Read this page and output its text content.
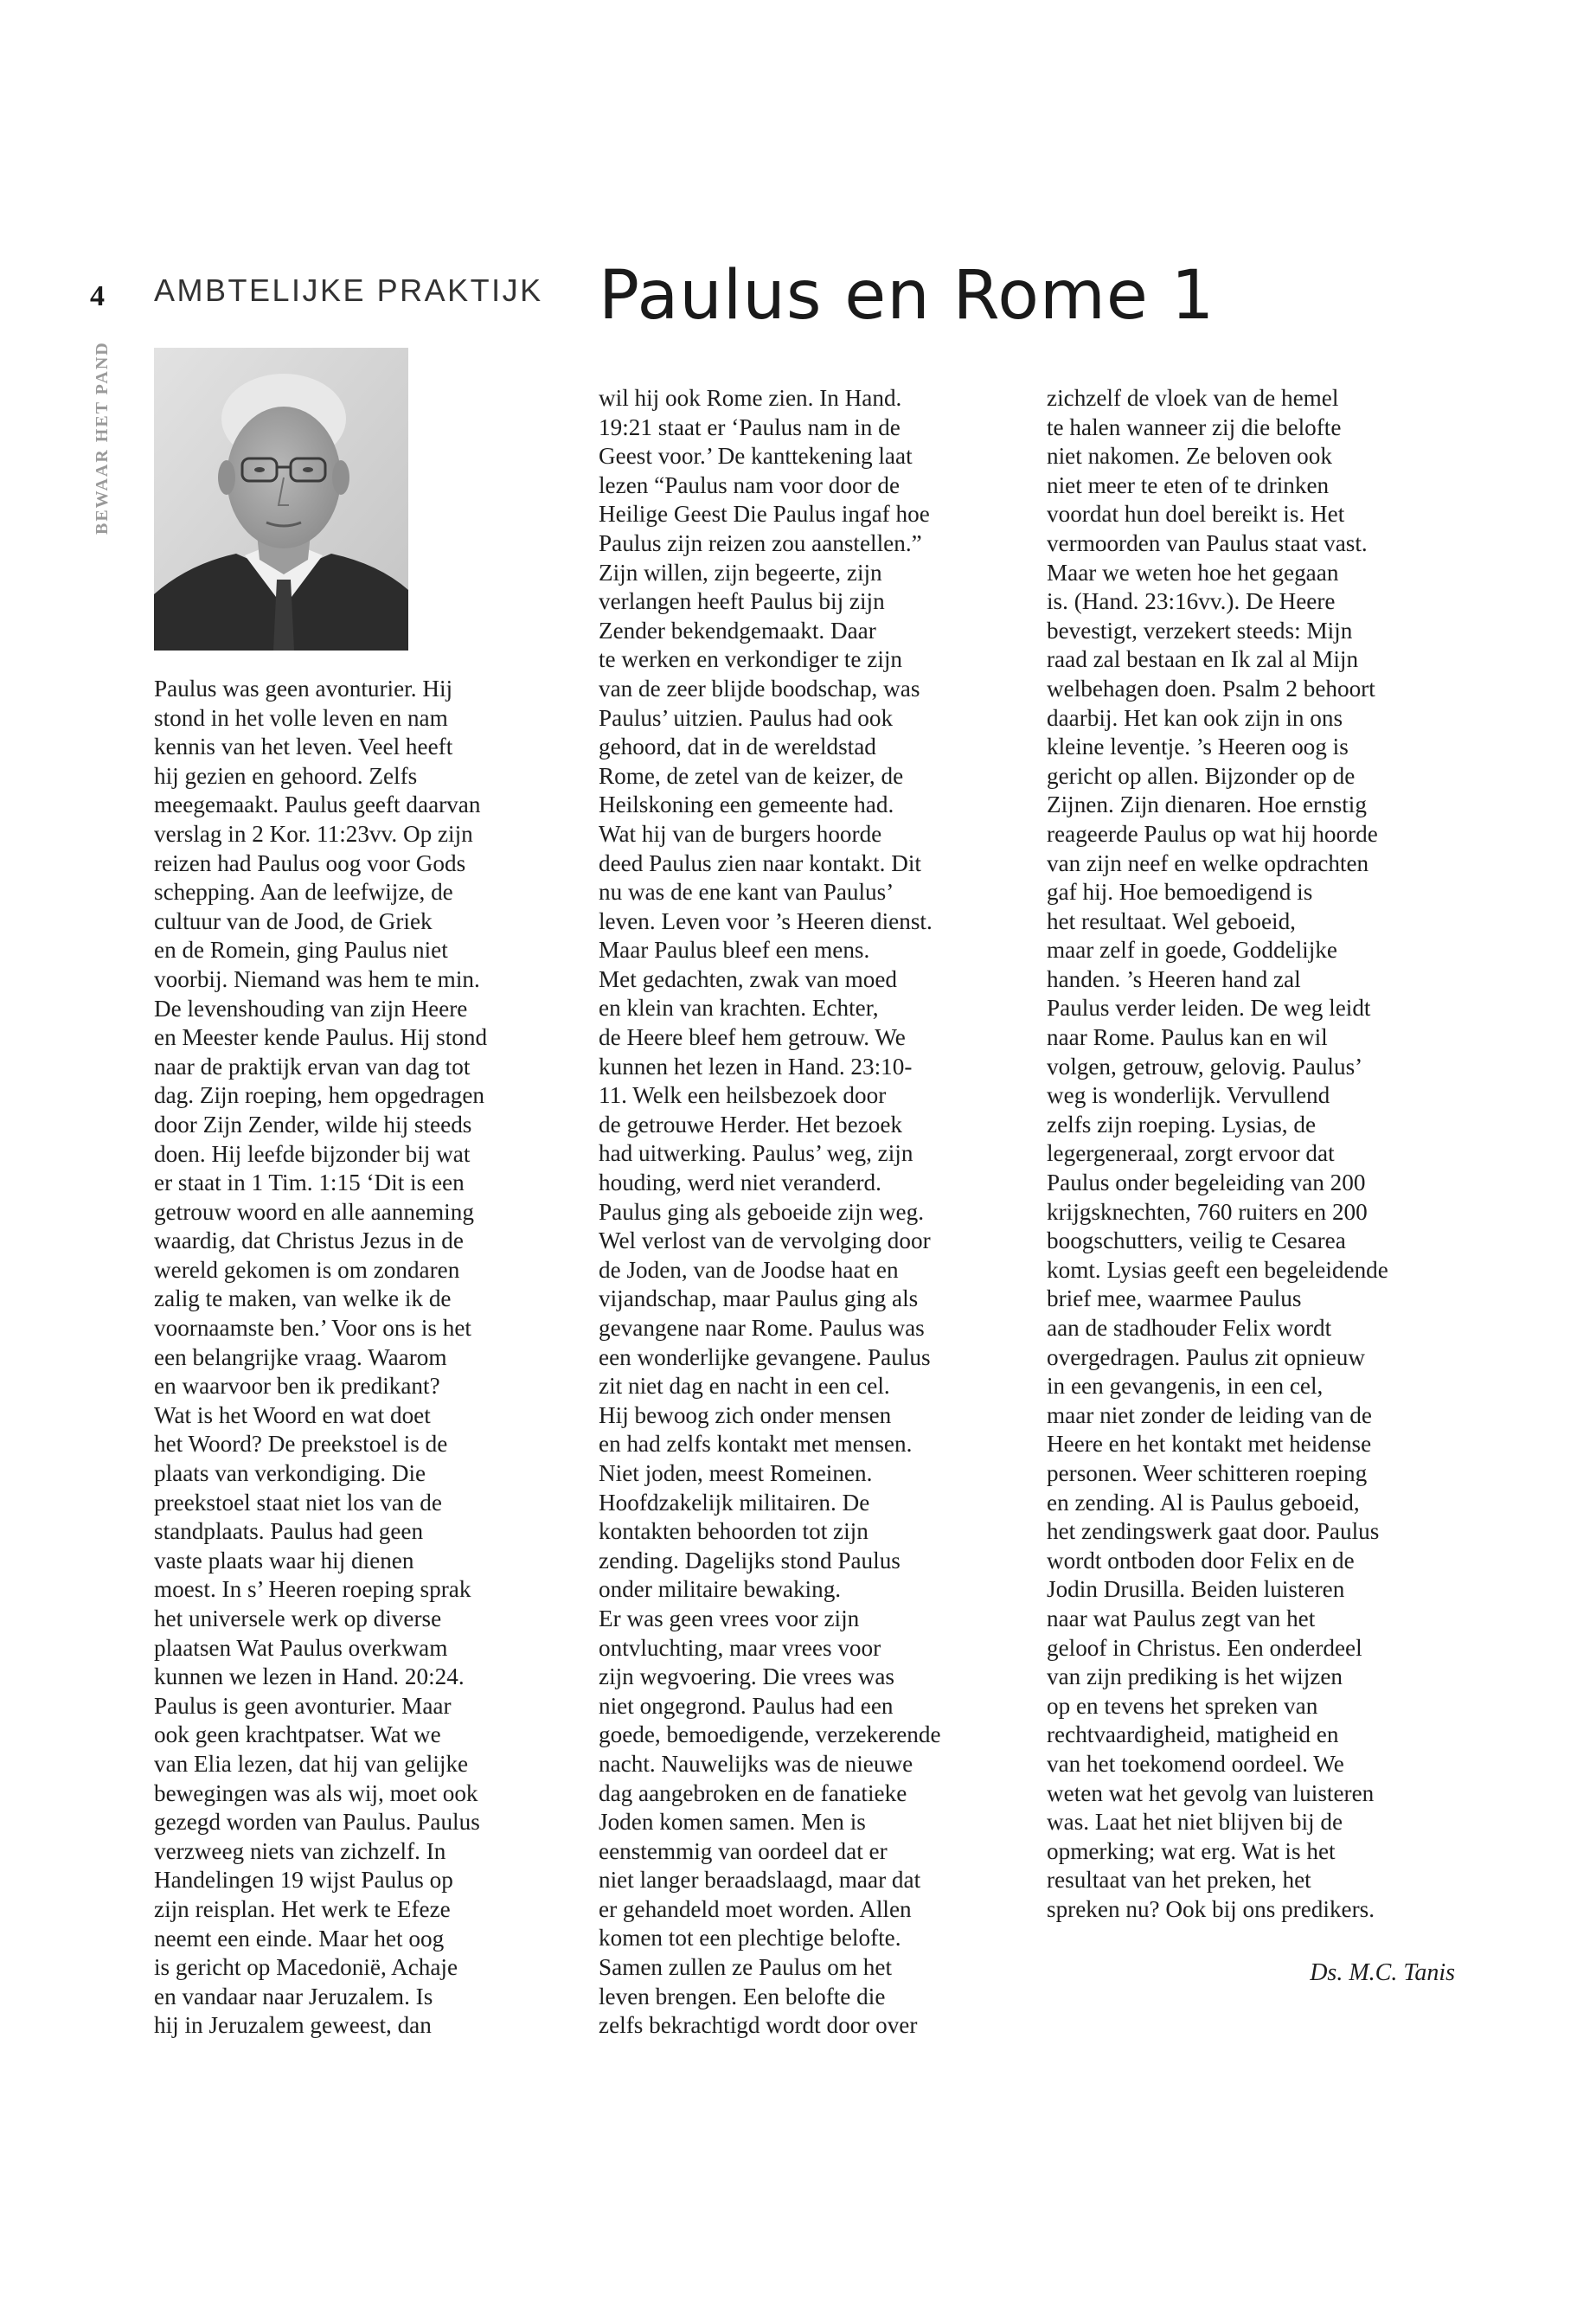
4
BEWAAR HET PAND
AMBTELIJKE PRAKTIJK Paulus en Rome 1
Paulus was geen avonturier. Hij
stond in het volle leven en nam
kennis van het leven. Veel heeft
hij gezien en gehoord. Zelfs
meegemaakt. Paulus geeft daarvan
verslag in 2 Kor. 11:23vv. Op zijn
reizen had Paulus oog voor Gods
schepping. Aan de leefwijze, de
cultuur van de Jood, de Griek
en de Romein, ging Paulus niet
voorbij. Niemand was hem te min.
De levenshouding van zijn Heere
en Meester kende Paulus. Hij stond
naar de praktijk ervan van dag tot
dag. Zijn roeping, hem opgedragen
door Zijn Zender, wilde hij steeds
doen. Hij leefde bijzonder bij wat
er staat in 1 Tim. 1:15 ‘Dit is een
getrouw woord en alle aanneming
waardig, dat Christus Jezus in de
wereld gekomen is om zondaren
zalig te maken, van welke ik de
voornaamste ben.’ Voor ons is het
een belangrijke vraag. Waarom
en waarvoor ben ik predikant?
Wat is het Woord en wat doet
het Woord? De preekstoel is de
plaats van verkondiging. Die
preekstoel staat niet los van de
standplaats. Paulus had geen
vaste plaats waar hij dienen
moest. In s’ Heeren roeping sprak
het universele werk op diverse
plaatsen Wat Paulus overkwam
kunnen we lezen in Hand. 20:24.
Paulus is geen avonturier. Maar
ook geen krachtpatser. Wat we
van Elia lezen, dat hij van gelijke
bewegingen was als wij, moet ook
gezegd worden van Paulus. Paulus
verzweeg niets van zichzelf. In
Handelingen 19 wijst Paulus op
zijn reisplan. Het werk te Efeze
neemt een einde. Maar het oog
is gericht op Macedonië, Achaje
en vandaar naar Jeruzalem. Is
hij in Jeruzalem geweest, dan
wil hij ook Rome zien. In Hand.
19:21 staat er ‘Paulus nam in de
Geest voor.’ De kanttekening laat
lezen “Paulus nam voor door de
Heilige Geest Die Paulus ingaf hoe
Paulus zijn reizen zou aanstellen.”
Zijn willen, zijn begeerte, zijn
verlangen heeft Paulus bij zijn
Zender bekendgemaakt. Daar
te werken en verkondiger te zijn
van de zeer blijde boodschap, was
Paulus’ uitzien. Paulus had ook
gehoord, dat in de wereldstad
Rome, de zetel van de keizer, de
Heilskoning een gemeente had.
Wat hij van de burgers hoorde
deed Paulus zien naar kontakt. Dit
nu was de ene kant van Paulus’
leven. Leven voor ’s Heeren dienst.
Maar Paulus bleef een mens.
Met gedachten, zwak van moed
en klein van krachten. Echter,
de Heere bleef hem getrouw. We
kunnen het lezen in Hand. 23:10-
11. Welk een heilsbezoek door
de getrouwe Herder. Het bezoek
had uitwerking. Paulus’ weg, zijn
houding, werd niet veranderd.
Paulus ging als geboeide zijn weg.
Wel verlost van de vervolging door
de Joden, van de Joodse haat en
vijandschap, maar Paulus ging als
gevangene naar Rome. Paulus was
een wonderlijke gevangene. Paulus
zit niet dag en nacht in een cel.
Hij bewoog zich onder mensen
en had zelfs kontakt met mensen.
Niet joden, meest Romeinen.
Hoofdzakelijk militairen. De
kontakten behoorden tot zijn
zending. Dagelijks stond Paulus
onder militaire bewaking.
Er was geen vrees voor zijn
ontvluchting, maar vrees voor
zijn wegvoering. Die vrees was
niet ongegrond. Paulus had een
goede, bemoedigende, verzekerende
nacht. Nauwelijks was de nieuwe
dag aangebroken en de fanatieke
Joden komen samen. Men is
eenstemmig van oordeel dat er
niet langer beraadslaagd, maar dat
er gehandeld moet worden. Allen
komen tot een plechtige belofte.
Samen zullen ze Paulus om het
leven brengen. Een belofte die
zelfs bekrachtigd wordt door over
zichzelf de vloek van de hemel
te halen wanneer zij die belofte
niet nakomen. Ze beloven ook
niet meer te eten of te drinken
voordat hun doel bereikt is. Het
vermoorden van Paulus staat vast.
Maar we weten hoe het gegaan
is. (Hand. 23:16vv.). De Heere
bevestigt, verzekert steeds: Mijn
raad zal bestaan en Ik zal al Mijn
welbehagen doen. Psalm 2 behoort
daarbij. Het kan ook zijn in ons
kleine leventje. ’s Heeren oog is
gericht op allen. Bijzonder op de
Zijnen. Zijn dienaren. Hoe ernstig
reageerde Paulus op wat hij hoorde
van zijn neef en welke opdrachten
gaf hij. Hoe bemoedigend is
het resultaat. Wel geboeid,
maar zelf in goede, Goddelijke
handen. ’s Heeren hand zal
Paulus verder leiden. De weg leidt
naar Rome. Paulus kan en wil
volgen, getrouw, gelovig. Paulus’
weg is wonderlijk. Vervullend
zelfs zijn roeping. Lysias, de
legergeneraal, zorgt ervoor dat
Paulus onder begeleiding van 200
krijgsknechten, 760 ruiters en 200
boogschutters, veilig te Cesarea
komt. Lysias geeft een begeleidende
brief mee, waarmee Paulus
aan de stadhouder Felix wordt
overgedragen. Paulus zit opnieuw
in een gevangenis, in een cel,
maar niet zonder de leiding van de
Heere en het kontakt met heidense
personen. Weer schitteren roeping
en zending. Al is Paulus geboeid,
het zendingswerk gaat door. Paulus
wordt ontboden door Felix en de
Jodin Drusilla. Beiden luisteren
naar wat Paulus zegt van het
geloof in Christus. Een onderdeel
van zijn prediking is het wijzen
op en tevens het spreken van
rechtvaardigheid, matigheid en
van het toekomend oordeel. We
weten wat het gevolg van luisteren
was. Laat het niet blijven bij de
opmerking; wat erg. Wat is het
resultaat van het preken, het
spreken nu? Ook bij ons predikers.
Ds. M.C. Tanis
